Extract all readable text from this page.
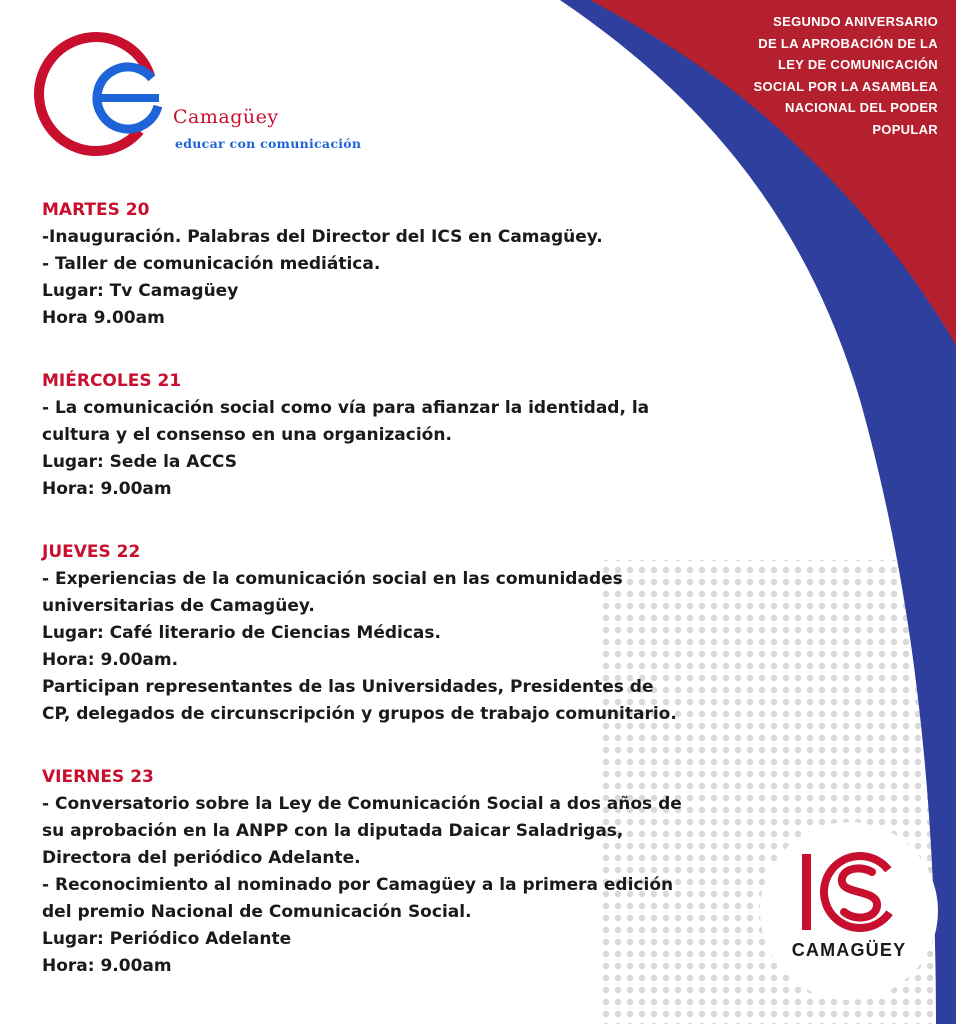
SEGUNDO ANIVERSARIO
DE LA APROBACIÓN DE LA
LEY DE COMUNICACIÓN
SOCIAL POR LA ASAMBLEA
NACIONAL DEL PODER
POPULAR
Camagüey
educar con comunicación
MARTES 20
-Inauguración. Palabras del Director del ICS en Camagüey.
- Taller de comunicación mediática.
Lugar: Tv Camagüey
Hora 9.00am
MIÉRCOLES 21
- La comunicación social como vía para afianzar la identidad, la
cultura y el consenso en una organización.
Lugar: Sede la ACCS
Hora: 9.00am
JUEVES 22
- Experiencias de la comunicación social en las comunidades
universitarias de Camagüey.
Lugar: Café literario de Ciencias Médicas.
Hora: 9.00am.
Participan representantes de las Universidades, Presidentes de
CP, delegados de circunscripción y grupos de trabajo comunitario.
VIERNES 23
- Conversatorio sobre la Ley de Comunicación Social a dos años de
su aprobación en la ANPP con la diputada Daicar Saladrigas,
Directora del periódico Adelante.
- Reconocimiento al nominado por Camagüey a la primera edición
del premio Nacional de Comunicación Social.
Lugar: Periódico Adelante
Hora: 9.00am
CAMAGÜEY
